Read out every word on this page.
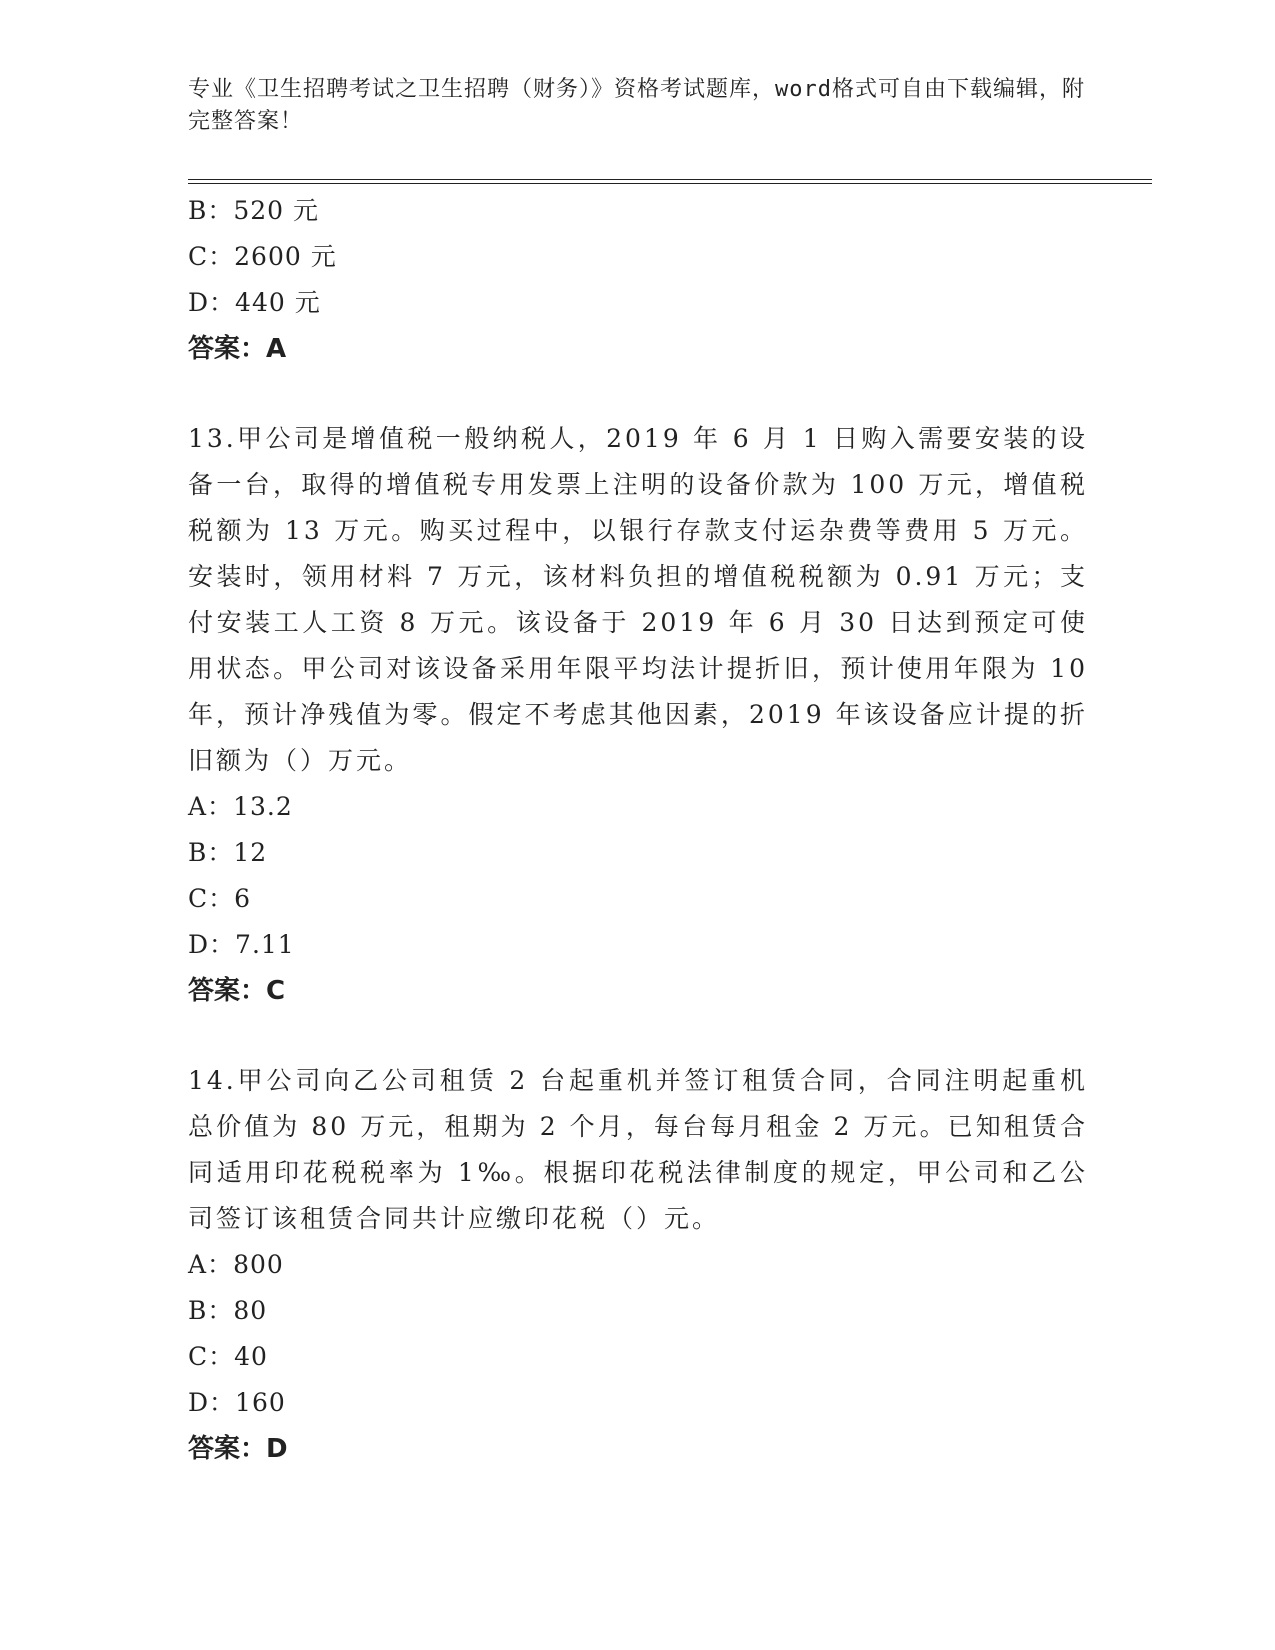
专业《卫生招聘考试之卫生招聘（财务）》资格考试题库，word格式可自由下载编辑，附完整答案！
B：520 元
C：2600 元
D：440 元
答案：A
13.甲公司是增值税一般纳税人，2019 年 6 月 1 日购入需要安装的设备一台，取得的增值税专用发票上注明的设备价款为 100 万元，增值税税额为 13 万元。购买过程中，以银行存款支付运杂费等费用 5 万元。安装时，领用材料 7 万元，该材料负担的增值税税额为 0.91 万元；支付安装工人工资 8 万元。该设备于 2019 年 6 月 30 日达到预定可使用状态。甲公司对该设备采用年限平均法计提折旧，预计使用年限为 10 年，预计净残值为零。假定不考虑其他因素，2019 年该设备应计提的折旧额为（）万元。
A：13.2
B：12
C：6
D：7.11
答案：C
14.甲公司向乙公司租赁 2 台起重机并签订租赁合同，合同注明起重机总价值为 80 万元，租期为 2 个月，每台每月租金 2 万元。已知租赁合同适用印花税税率为 1‰。根据印花税法律制度的规定，甲公司和乙公司签订该租赁合同共计应缴印花税（）元。
A：800
B：80
C：40
D：160
答案：D
